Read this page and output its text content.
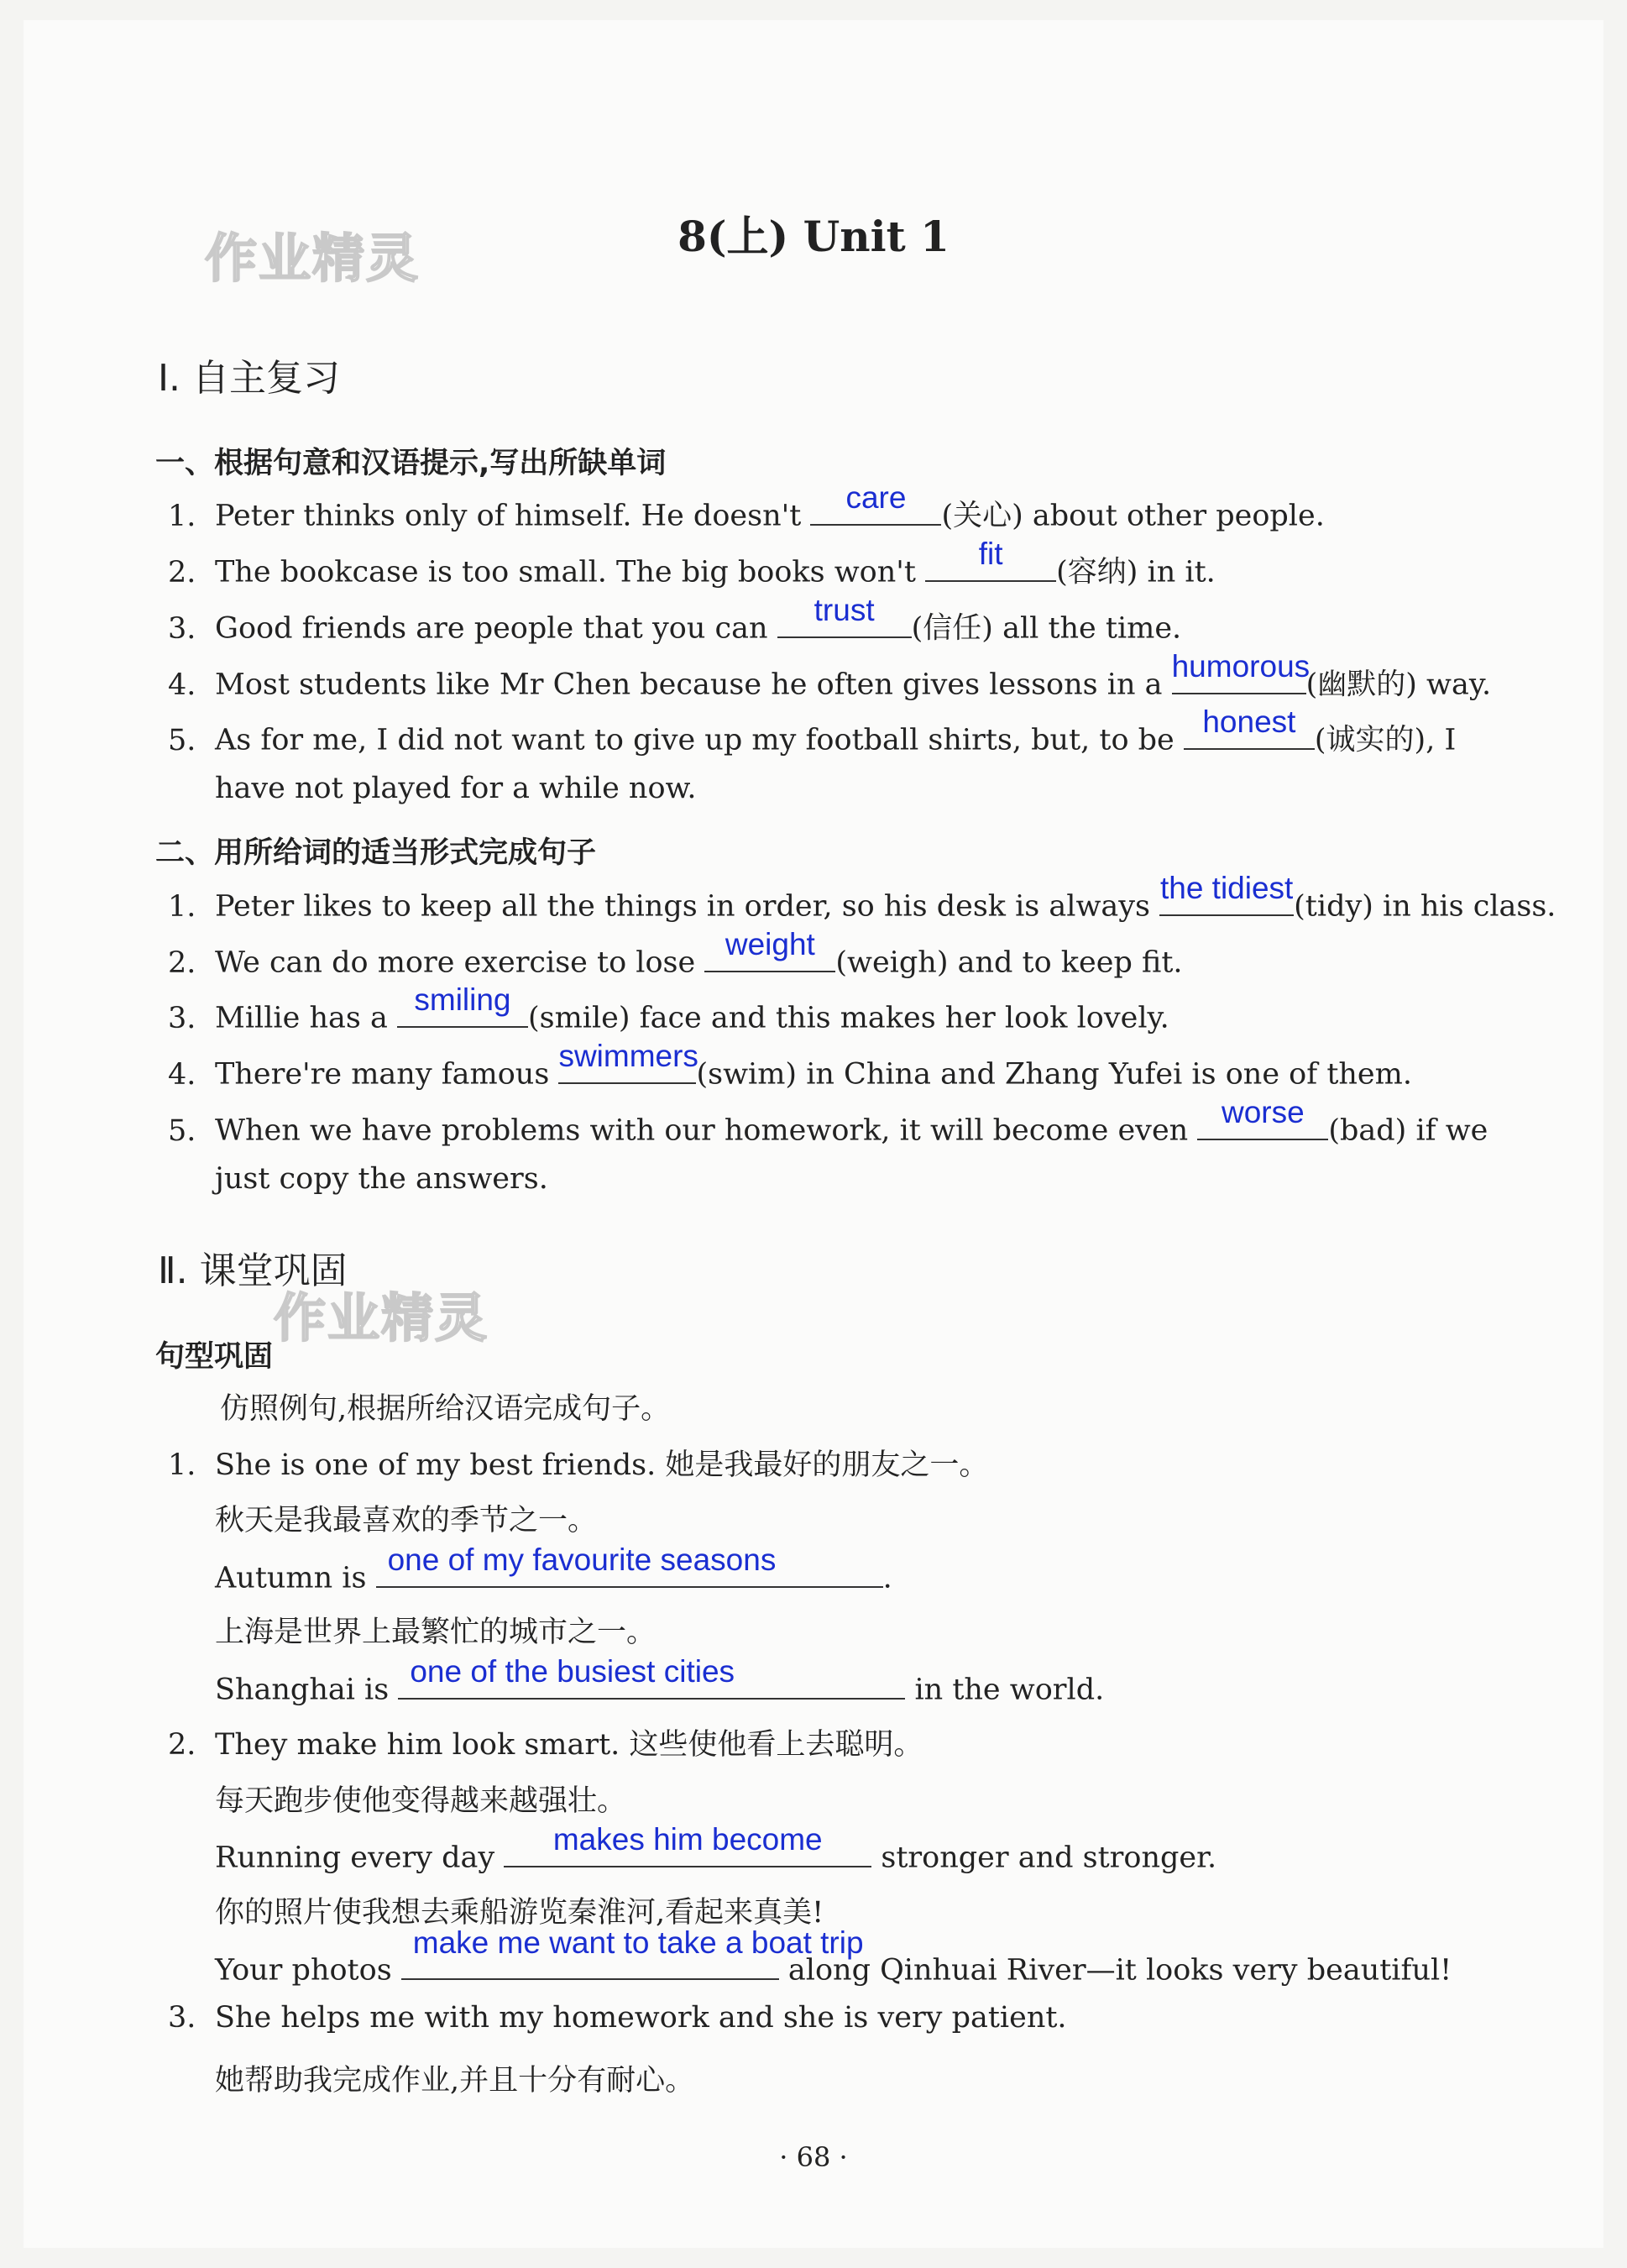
作业精灵
作业精灵
8(上) Unit 1
Ⅰ. 自主复习
一、根据句意和汉语提示,写出所缺单词
1. Peter thinks only of himself. He doesn't
care
(关心) about other people.
2. The bookcase is too small. The big books won't
fit
(容纳) in it.
3. Good friends are people that you can
trust
(信任) all the time.
4. Most students like Mr Chen because he often gives lessons in a
humorous
(幽默的) way.
5. As for me, I did not want to give up my football shirts, but, to be
honest
(诚实的), I
have not played for a while now.
二、用所给词的适当形式完成句子
1. Peter likes to keep all the things in order, so his desk is always
the tidiest
(tidy) in his class.
2. We can do more exercise to lose
weight
(weigh) and to keep fit.
3. Millie has a
smiling
(smile) face and this makes her look lovely.
4. There're many famous
swimmers
(swim) in China and Zhang Yufei is one of them.
5. When we have problems with our homework, it will become even
worse
(bad) if we
just copy the answers.
Ⅱ. 课堂巩固
句型巩固
仿照例句,根据所给汉语完成句子。
1. She is one of my best friends. 她是我最好的朋友之一。
秋天是我最喜欢的季节之一。
Autumn is
one of my favourite seasons
.
上海是世界上最繁忙的城市之一。
Shanghai is
one of the busiest cities
in the world.
2. They make him look smart. 这些使他看上去聪明。
每天跑步使他变得越来越强壮。
Running every day
makes him become
stronger and stronger.
你的照片使我想去乘船游览秦淮河,看起来真美!
Your photos
make me want to take a boat trip
along Qinhuai River—it looks very beautiful!
3. She helps me with my homework and she is very patient.
她帮助我完成作业,并且十分有耐心。
· 68 ·
